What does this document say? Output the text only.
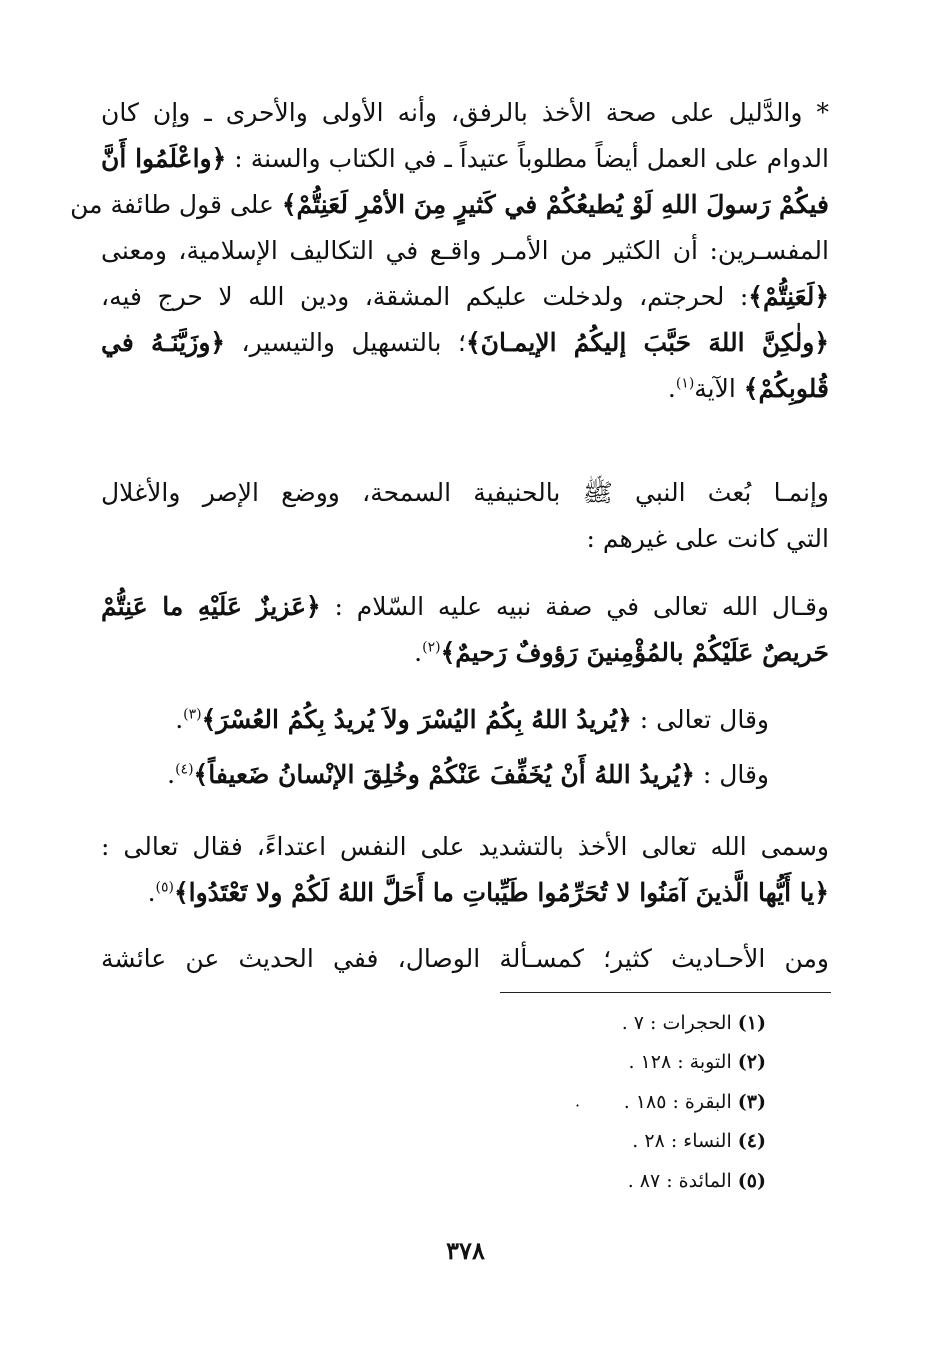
* والدَّليل على صحة الأخذ بالرفق، وأنه الأولى والأحرى ـ وإن كان
الدوام على العمل أيضاً مطلوباً عتيداً ـ في الكتاب والسنة : ﴿واعْلَمُوا أَنَّ
فيكُمْ رَسولَ اللهِ لَوْ يُطيعُكُمْ في كَثيرٍ مِنَ الأمْرِ لَعَنِتُّمْ﴾ على قول طائفة من
المفسـرين: أن الكثير من الأمـر واقـع في التكاليف الإسلامية، ومعنى
﴿لَعَنِتُّمْ﴾: لحرجتم، ولدخلت عليكم المشقة، ودين الله لا حرج فيه،
﴿ولٰكِنَّ اللهَ حَبَّبَ إليكُمُ الإيمـانَ﴾؛ بالتسهيل والتيسير، ﴿وزَيَّنَـهُ في
قُلوبِكُمْ﴾ الآية$^{(١)}$.
وإنمـا بُعث النبي ﷺ بالحنيفية السمحة، ووضع الإصر والأغلال
التي كانت على غيرهم :
وقـال الله تعالى في صفة نبيه عليه السّلام : ﴿عَزيزٌ عَلَيْهِ ما عَنِتُّمْ
حَريصٌ عَلَيْكُمْ بالمُؤْمِنينَ رَؤوفٌ رَحيمٌ﴾$^{(٢)}$.
وقال تعالى : ﴿يُريدُ اللهُ بِكُمُ اليُسْرَ ولاَ يُريدُ بِكُمُ العُسْرَ﴾$^{(٣)}$.
وقال : ﴿يُريدُ اللهُ أَنْ يُخَفِّفَ عَنْكُمْ وخُلِقَ الإنْسانُ ضَعيفاً﴾$^{(٤)}$.
وسمى الله تعالى الأخذ بالتشديد على النفس اعتداءً، فقال تعالى :
﴿يا أَيُّها الَّذينَ آمَنُوا لا تُحَرِّمُوا طَيِّباتِ ما أَحَلَّ اللهُ لَكُمْ ولا تَعْتَدُوا﴾$^{(٥)}$.
ومن الأحـاديث كثير؛ كمسـألة الوصال، ففي الحديث عن عائشة
(١) الحجرات : ٧ .
(٢) التوبة : ١٢٨ .
(٣) البقرة : ١٨٥ .
·
(٤) النساء : ٢٨ .
(٥) المائدة : ٨٧ .
٣٧٨
